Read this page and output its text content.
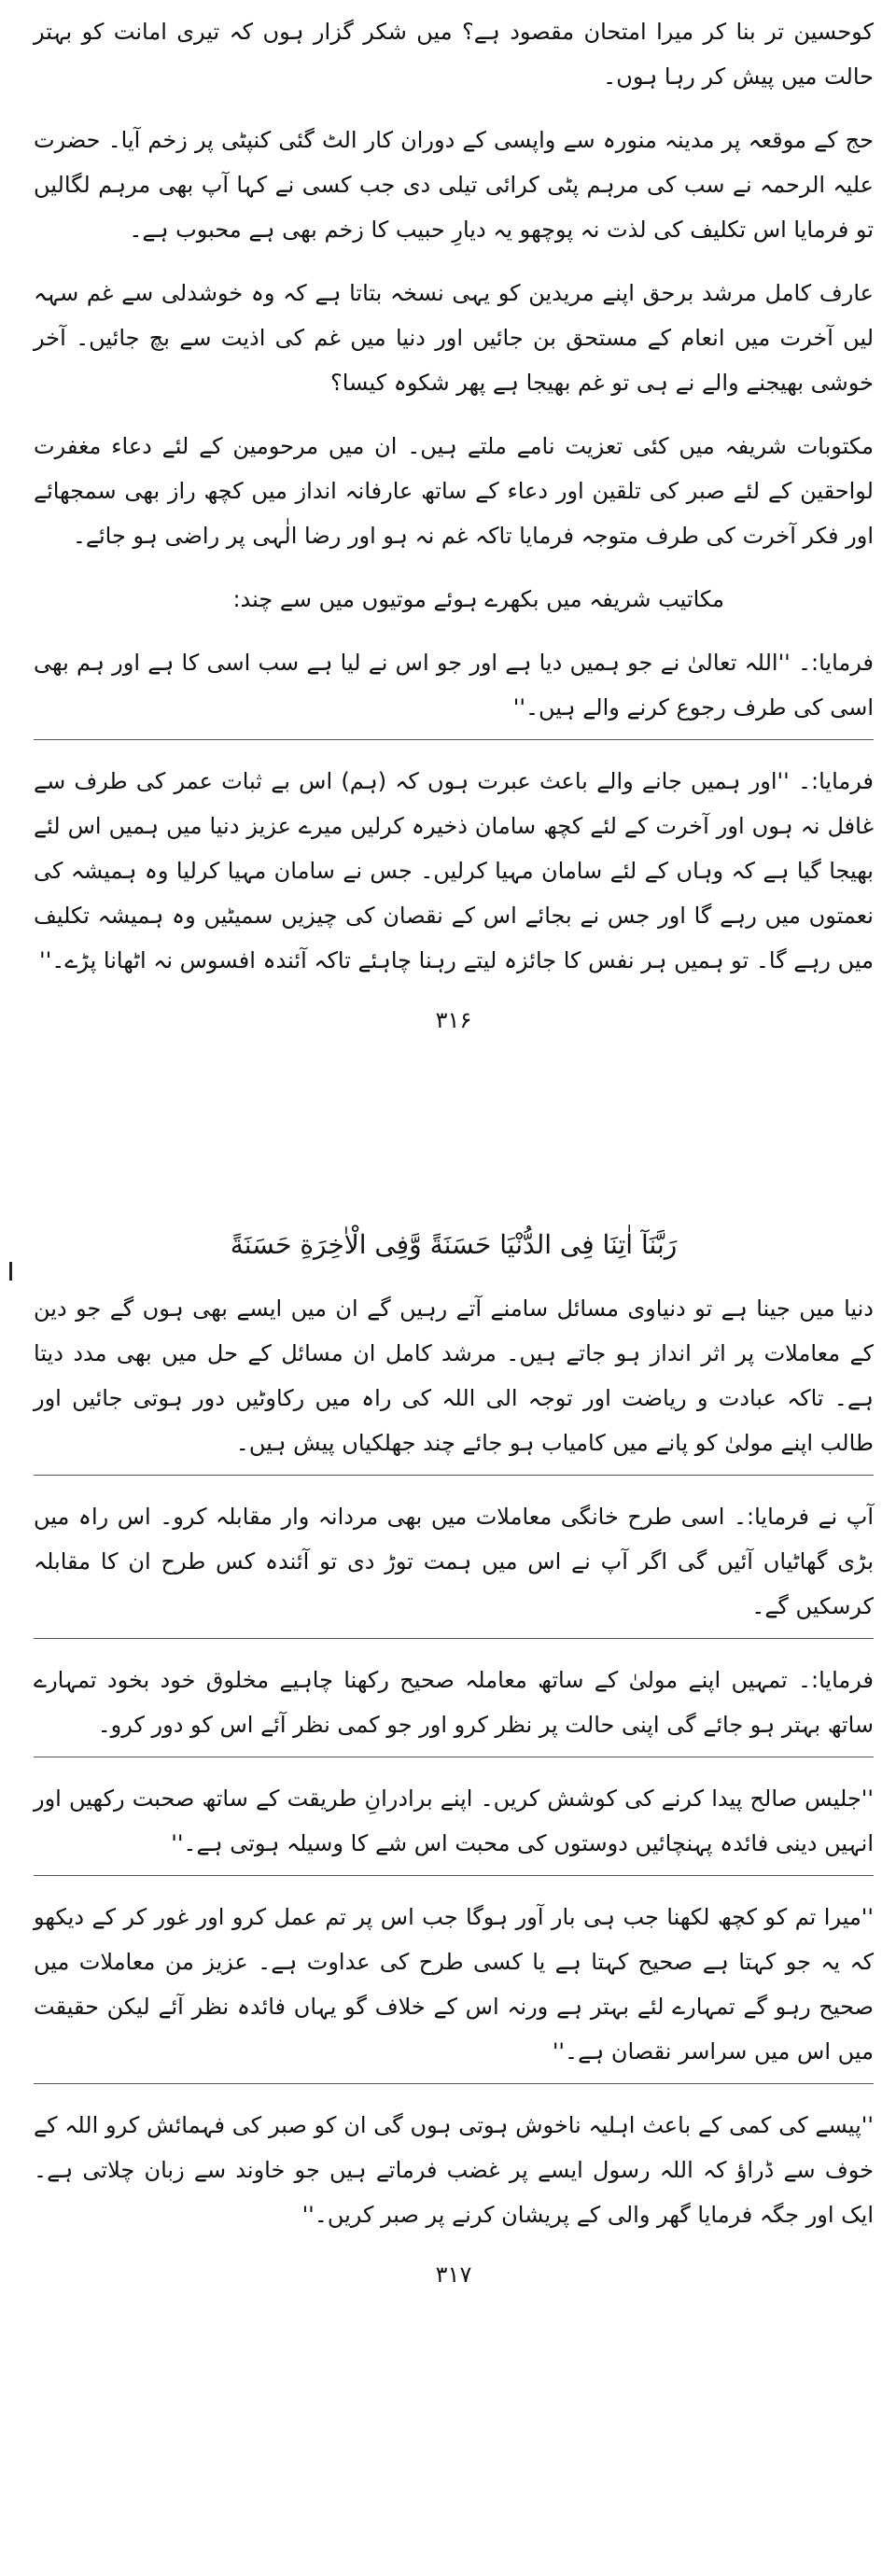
کوحسین تر بنا کر میرا امتحان مقصود ہے؟ میں شکر گزار ہوں کہ تیری امانت کو بہتر حالت میں پیش کر رہا ہوں۔

حج کے موقعہ پر مدینہ منورہ سے واپسی کے دوران کار الٹ گئی کنپٹی پر زخم آیا۔ حضرت علیہ الرحمہ نے سب کی مرہم پٹی کرائی تیلی دی جب کسی نے کہا آپ بھی مرہم لگالیں تو فرمایا اس تکلیف کی لذت نہ پوچھو یہ دیارِ حبیب کا زخم بھی ہے محبوب ہے۔

عارف کامل مرشد برحق اپنے مریدین کو یہی نسخہ بتاتا ہے کہ وہ خوشدلی سے غم سہہ لیں آخرت میں انعام کے مستحق بن جائیں اور دنیا میں غم کی اذیت سے بچ جائیں۔ آخر خوشی بھیجنے والے نے ہی تو غم بھیجا ہے پھر شکوہ کیسا؟

مکتوبات شریفہ میں کئی تعزیت نامے ملتے ہیں۔ ان میں مرحومین کے لئے دعاء مغفرت لواحقین کے لئے صبر کی تلقین اور دعاء کے ساتھ عارفانہ انداز میں کچھ راز بھی سمجھائے اور فکر آخرت کی طرف متوجہ فرمایا تاکہ غم نہ ہو اور رضا الٰہی پر راضی ہو جائے۔

مکاتیب شریفہ میں بکھرے ہوئے موتیوں میں سے چند:

فرمایا:۔ ''اللہ تعالیٰ نے جو ہمیں دیا ہے اور جو اس نے لیا ہے سب اسی کا ہے اور ہم بھی اسی کی طرف رجوع کرنے والے ہیں۔''

فرمایا:۔ ''اور ہمیں جانے والے باعث عبرت ہوں کہ (ہم) اس بے ثبات عمر کی طرف سے غافل نہ ہوں اور آخرت کے لئے کچھ سامان ذخیرہ کرلیں میرے عزیز دنیا میں ہمیں اس لئے بھیجا گیا ہے کہ وہاں کے لئے سامان مہیا کرلیں۔ جس نے سامان مہیا کرلیا وہ ہمیشہ کی نعمتوں میں رہے گا اور جس نے بجائے اس کے نقصان کی چیزیں سمیٹیں وہ ہمیشہ تکلیف میں رہے گا۔ تو ہمیں ہر نفس کا جائزہ لیتے رہنا چاہئے تاکہ آئندہ افسوس نہ اٹھانا پڑے۔''

۳۱۶
رَبَّنَآ اٰتِنَا فِی الدُّنْیَا حَسَنَةً وَّفِی الْاٰخِرَةِ حَسَنَةً

دنیا میں جینا ہے تو دنیاوی مسائل سامنے آتے رہیں گے ان میں ایسے بھی ہوں گے جو دین کے معاملات پر اثر انداز ہو جاتے ہیں۔ مرشد کامل ان مسائل کے حل میں بھی مدد دیتا ہے۔ تاکہ عبادت و ریاضت اور توجہ الی اللہ کی راہ میں رکاوٹیں دور ہوتی جائیں اور طالب اپنے مولیٰ کو پانے میں کامیاب ہو جائے چند جھلکیاں پیش ہیں۔

آپ نے فرمایا:۔ اسی طرح خانگی معاملات میں بھی مردانہ وار مقابلہ کرو۔ اس راہ میں بڑی گھاٹیاں آئیں گی اگر آپ نے اس میں ہمت توڑ دی تو آئندہ کس طرح ان کا مقابلہ کرسکیں گے۔

فرمایا:۔ تمہیں اپنے مولیٰ کے ساتھ معاملہ صحیح رکھنا چاہیے مخلوق خود بخود تمہارے ساتھ بہتر ہو جائے گی اپنی حالت پر نظر کرو اور جو کمی نظر آئے اس کو دور کرو۔

''جلیس صالح پیدا کرنے کی کوشش کریں۔ اپنے برادرانِ طریقت کے ساتھ صحبت رکھیں اور انہیں دینی فائدہ پہنچائیں دوستوں کی محبت اس شے کا وسیلہ ہوتی ہے۔''

''میرا تم کو کچھ لکھنا جب ہی بار آور ہوگا جب اس پر تم عمل کرو اور غور کر کے دیکھو کہ یہ جو کہتا ہے صحیح کہتا ہے یا کسی طرح کی عداوت ہے۔ عزیز من معاملات میں صحیح رہو گے تمہارے لئے بہتر ہے ورنہ اس کے خلاف گو یہاں فائدہ نظر آئے لیکن حقیقت میں اس میں سراسر نقصان ہے۔''

''پیسے کی کمی کے باعث اہلیہ ناخوش ہوتی ہوں گی ان کو صبر کی فہمائش کرو اللہ کے خوف سے ڈراؤ کہ اللہ رسول ایسے پر غضب فرماتے ہیں جو خاوند سے زبان چلاتی ہے۔ ایک اور جگہ فرمایا گھر والی کے پریشان کرنے پر صبر کریں۔''

۳۱۷
